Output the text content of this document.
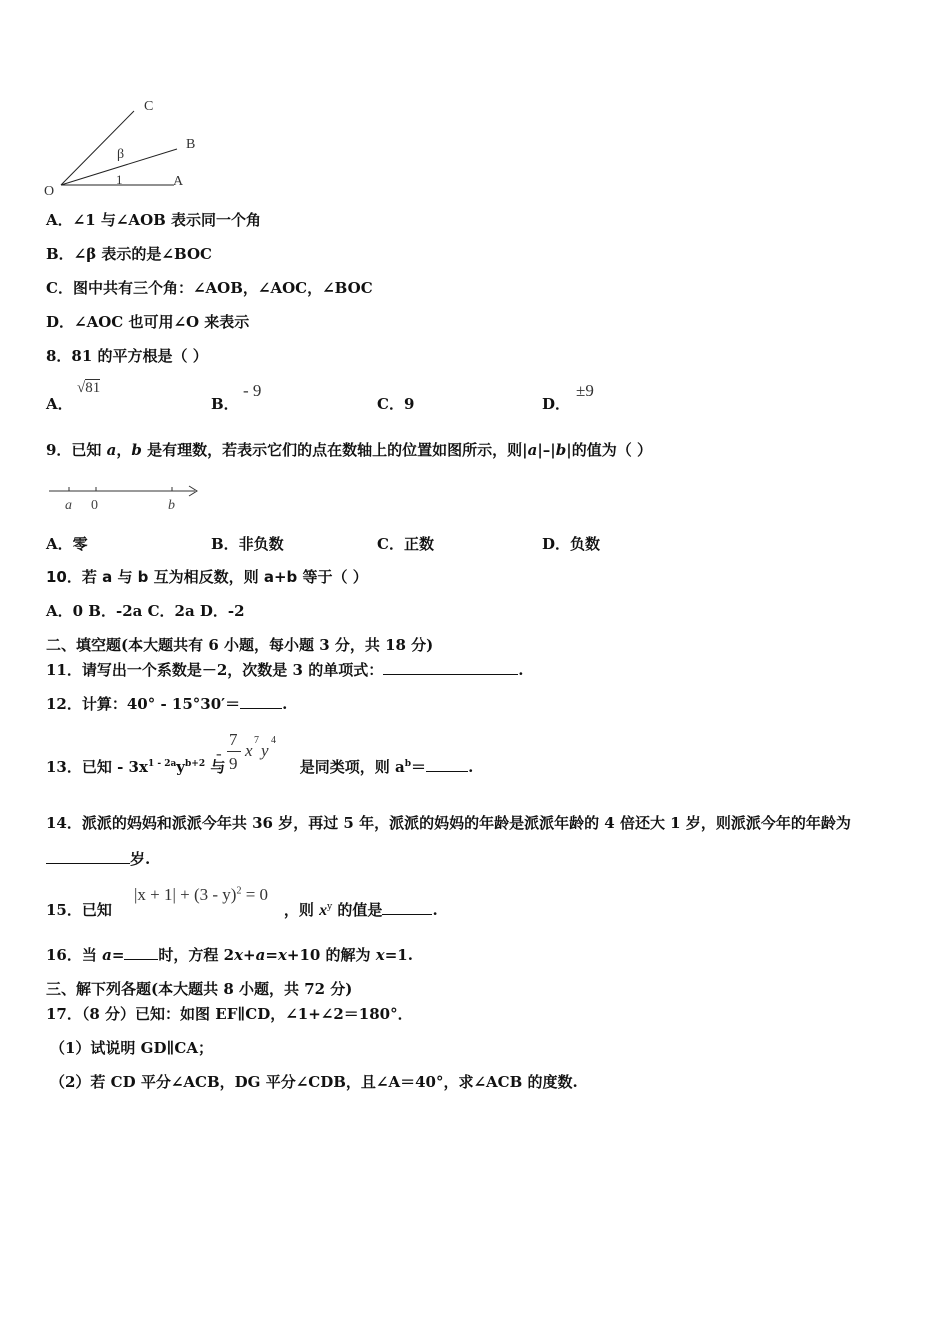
C
B
O
A
β
1
A．∠1 与∠AOB 表示同一个角
B．∠β 表示的是∠BOC
C．图中共有三个角：∠AOB，∠AOC，∠BOC
D．∠AOC 也可用∠O 来表示
8．81 的平方根是（ ）
A．
√81
B．
- 9
C．9	D．
±9
9．已知 a，b 是有理数，若表示它们的点在数轴上的位置如图所示，则|a|–|b|的值为（ ）
a 0	b
A．零	B．非负数	C．正数	D．负数
10．若 a 与 b 互为相反数，则 a+b 等于（ ）
A．0 B．-2a C．2a D．-2
二、填空题(本大题共有 6 小题，每小题 3 分，共 18 分)
11．请写出一个系数是－2，次数是 3 的单项式：	.
12．计算：40° - 15°30′＝	.
13．已知 - $3x^{1 - 2a}y^{b+2}$ 与	是同类项，则 $a^b=$	.
-
7
9
x
7
y
4
14．派派的妈妈和派派今年共 36 岁，再过 5 年，派派的妈妈的年龄是派派年龄的 4 倍还大 1 岁，则派派今年的年龄为
岁.
15．已知	，则 $x^y$ 的值是	.
|x + 1| + (3 - y)$^2$ = 0
16．当 a= 时，方程 2x+a=x+10 的解为 x=1.
三、解下列各题(本大题共 8 小题，共 72 分)
17．（8 分）已知：如图 EF∥CD，∠1+∠2＝180°．
（1）试说明 GD∥CA；
（2）若 CD 平分∠ACB，DG 平分∠CDB，且∠A＝40°，求∠ACB 的度数.
